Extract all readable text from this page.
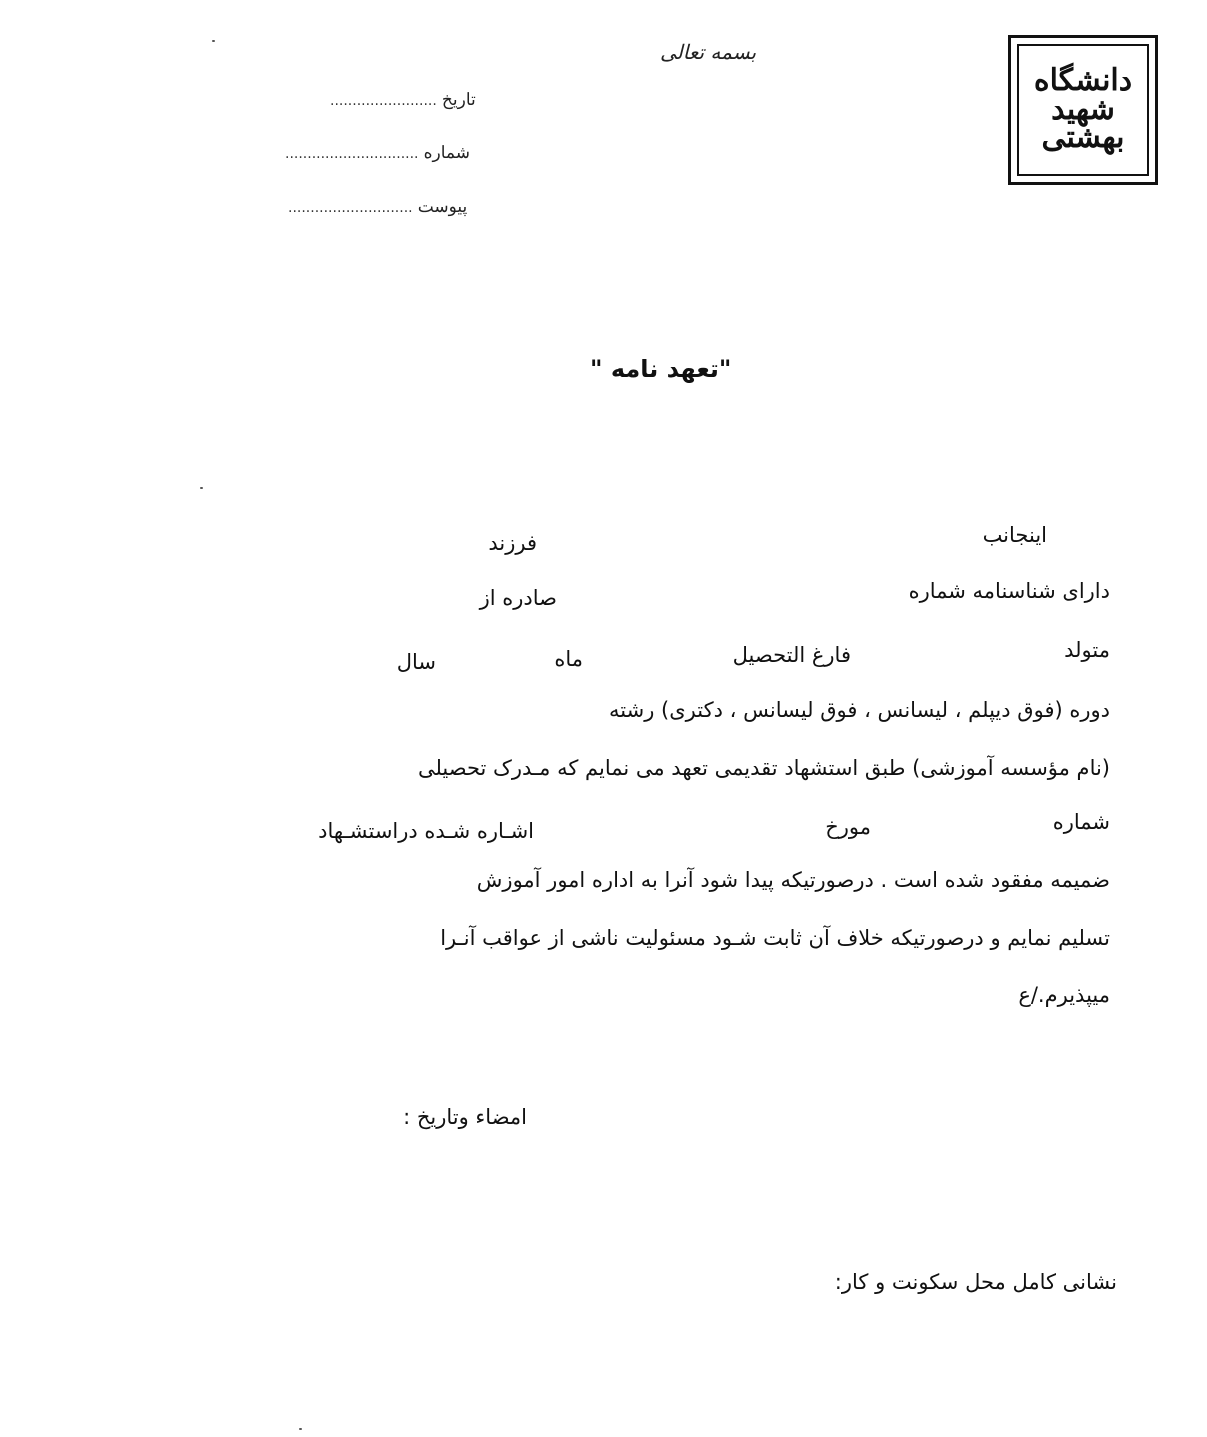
دانشگاه
شهید
بهشتی
بسمه تعالی
تاریخ ........................
شماره ..............................
پیوست ............................
"تعهد نامه "
اینجانب
فرزند
دارای شناسنامه شماره
صادره از
متولد
فارغ التحصیل
ماه
سال
دوره (فوق دیپلم ، لیسانس ، فوق لیسانس ، دکتری) رشته
(نام مؤسسه آموزشی) طبق استشهاد تقدیمی تعهد می نمایم که مـدرک تحصیلی
شماره
مورخ
اشـاره شـده دراستشـهاد
ضمیمه مفقود شده است . درصورتیکه پیدا شود آنرا به اداره امور آموزش
تسلیم نمایم و درصورتیکه خلاف آن ثابت شـود مسئولیت ناشی از عواقب آنـرا
میپذیرم./ع
امضاء وتاریخ :
نشانی کامل محل سکونت و کار:
